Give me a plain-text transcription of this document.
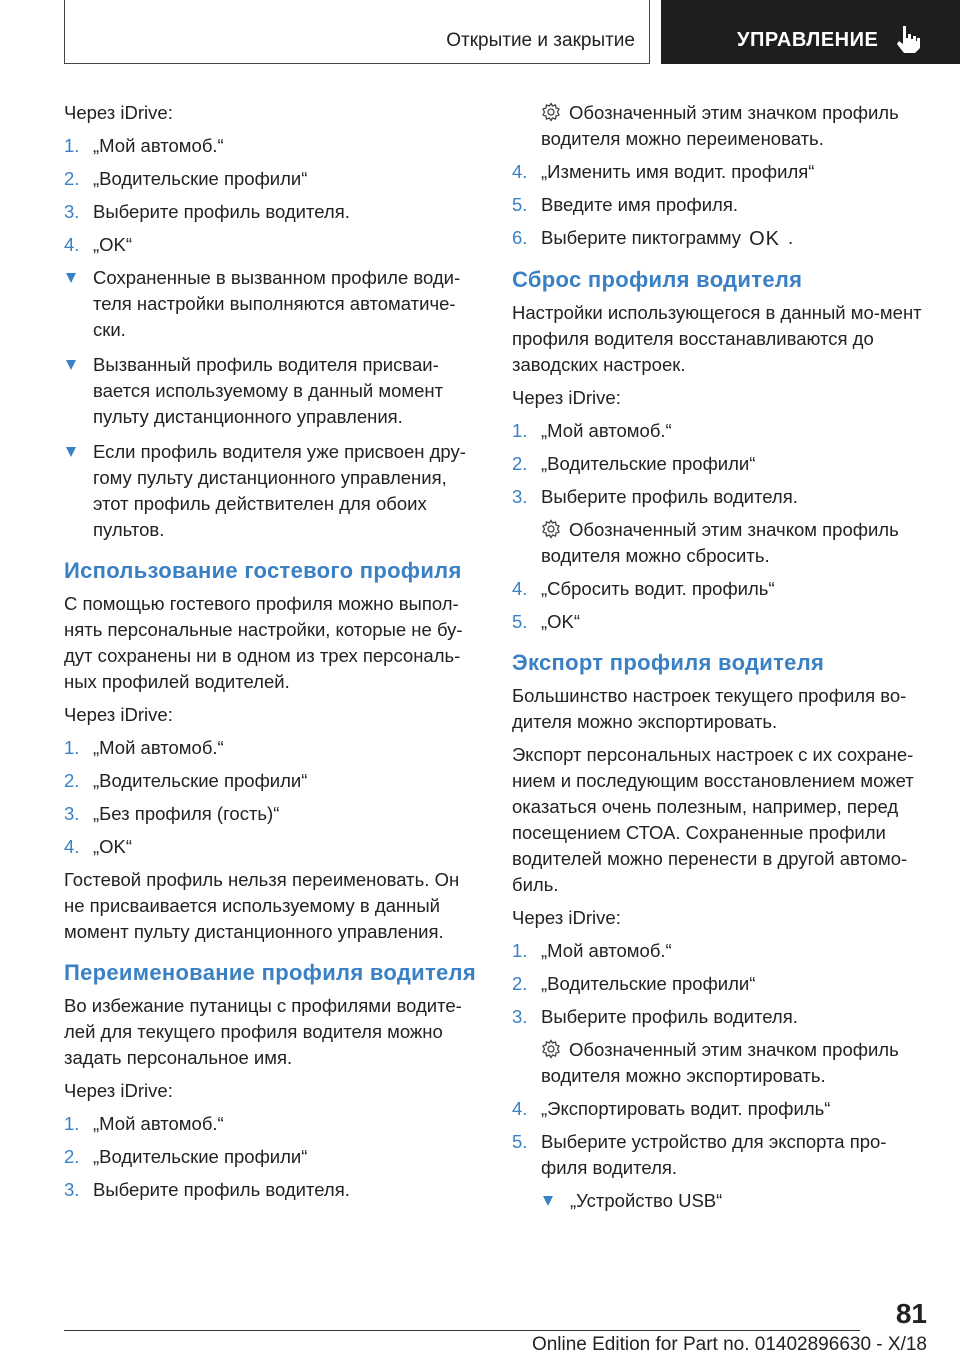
Открытие и закрытие	УПРАВЛЕНИЕ

Через iDrive:

1. „Мой автомоб.“
2. „Водительские профили“
3. Выберите профиль водителя.
4. „OK“
Сохраненные в вызванном профиле води-теля настройки выполняются автоматиче-ски.
Вызванный профиль водителя присваи-вается используемому в данный момент пульту дистанционного управления.
Если профиль водителя уже присвоен дру-гому пульту дистанционного управления, этот профиль действителен для обоих пультов.
Использование гостевого профиля

С помощью гостевого профиля можно выпол-нять персональные настройки, которые не бу-дут сохранены ни в одном из трех персональ-ных профилей водителей.

Через iDrive:

1. „Мой автомоб.“
2. „Водительские профили“
3. „Без профиля (гость)“
4. „OK“

Гостевой профиль нельзя переименовать. Он не присваивается используемому в данный момент пульту дистанционного управления.

Переименование профиля водителя

Во избежание путаницы с профилями водите-лей для текущего профиля водителя можно задать персональное имя.

Через iDrive:

1. „Мой автомоб.“
2. „Водительские профили“
3. Выберите профиль водителя.

Обозначенный этим значком профиль водителя можно переименовать.

4. „Изменить имя водит. профиля“
5. Введите имя профиля.
6. Выберите пиктограмму OK .
Сброс профиля водителя

Настройки использующегося в данный мо-мент профиля водителя восстанавливаются до заводских настроек.

Через iDrive:

1. „Мой автомоб.“
2. „Водительские профили“
3. Выберите профиль водителя.

Обозначенный этим значком профиль водителя можно сбросить.

4. „Сбросить водит. профиль“
5. „OK“
Экспорт профиля водителя

Большинство настроек текущего профиля во-дителя можно экспортировать.

Экспорт персональных настроек с их сохране-нием и последующим восстановлением может оказаться очень полезным, например, перед посещением СТОА. Сохраненные профили водителей можно перенести в другой автомо-биль.

Через iDrive:

1. „Мой автомоб.“
2. „Водительские профили“
3. Выберите профиль водителя.

Обозначенный этим значком профиль водителя можно экспортировать.

4. „Экспортировать водит. профиль“
5. Выберите устройство для экспорта про-филя водителя.
„Устройство USB“
81
Online Edition for Part no. 01402896630 - X/18
